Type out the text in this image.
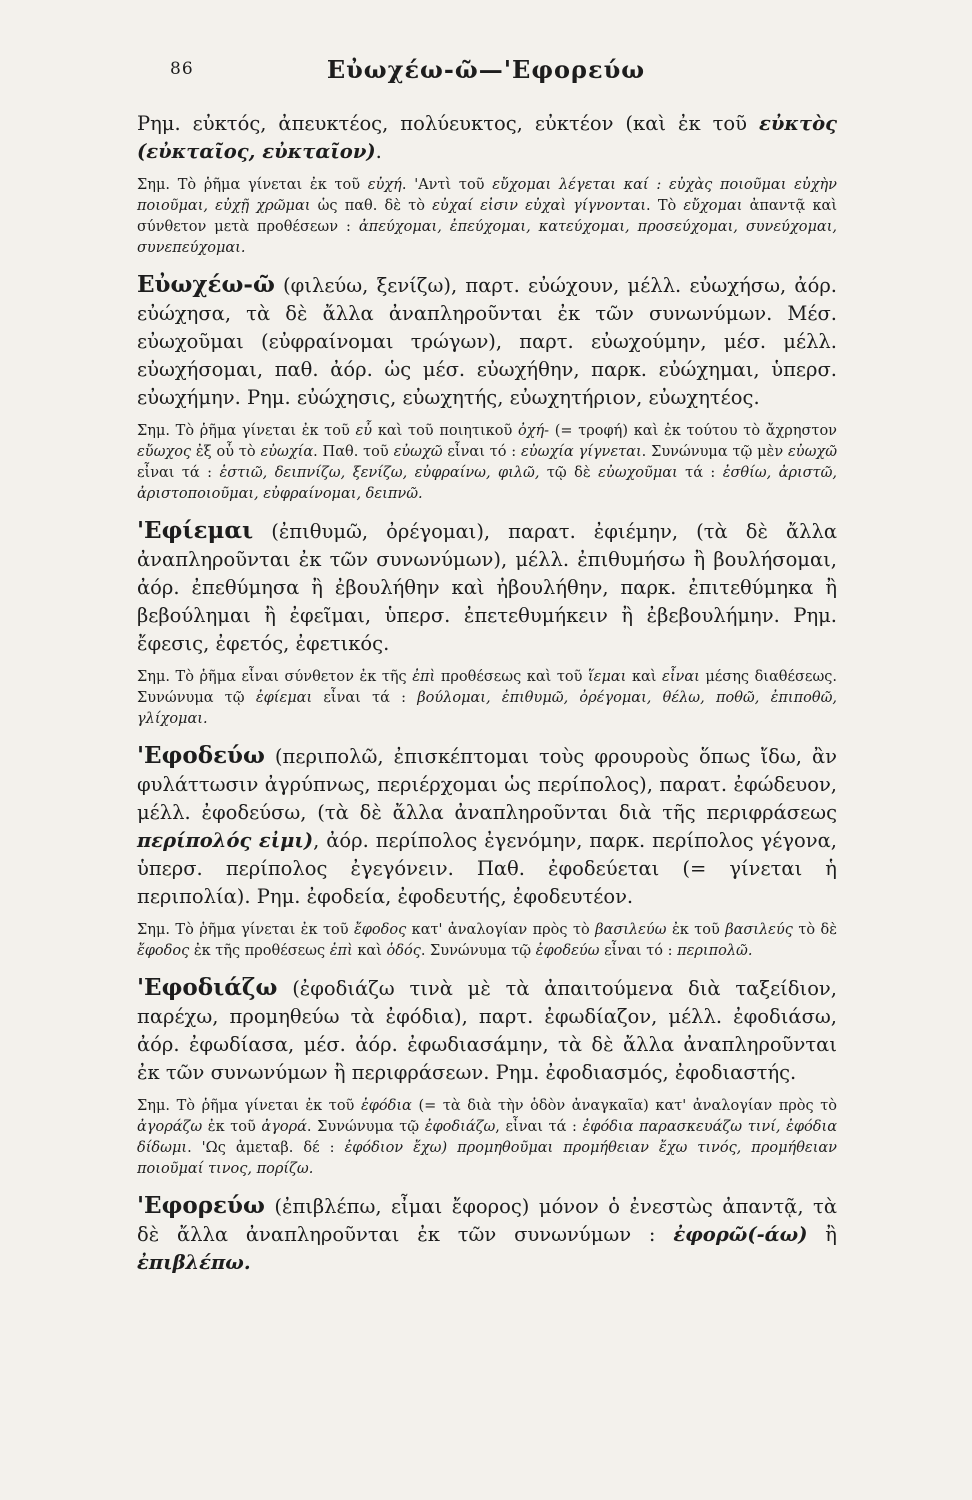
86	Εὐωχέω-ῶ—'Εφορεύω

Ρημ. εὐκτός, ἀπευκτέος, πολύευκτος, εὐκτέον (καὶ ἐκ τοῦ εὐκτὸς (εὐκταῖος, εὐκταῖον).

Σημ. Τὸ ῥῆμα γίνεται ἐκ τοῦ εὐχή. 'Αντὶ τοῦ εὔχομαι λέγεται καί : εὐχὰς ποιοῦμαι εὐχὴν ποιοῦμαι, εὐχῇ χρῶμαι ὡς παθ. δὲ τὸ εὐχαί εἰσιν εὐχαὶ γίγνονται. Τὸ εὔχομαι ἀπαντᾷ καὶ σύνθετον μετὰ προθέσεων : ἀπεύχομαι, ἐπεύχομαι, κατεύχομαι, προσεύχομαι, συνεύχομαι, συνεπεύχομαι.

Εὐωχέω-ῶ (φιλεύω, ξενίζω), παρτ. εὐώχουν, μέλλ. εὐωχήσω, ἀόρ. εὐώχησα, τὰ δὲ ἄλλα ἀναπληροῦνται ἐκ τῶν συνωνύμων. Μέσ. εὐωχοῦμαι (εὐφραίνομαι τρώγων), παρτ. εὐωχούμην, μέσ. μέλλ. εὐωχήσομαι, παθ. ἀόρ. ὡς μέσ. εὐωχήθην, παρκ. εὐώχημαι, ὑπερσ. εὐωχήμην. Ρημ. εὐώχησις, εὐωχητής, εὐωχητήριον, εὐωχητέος.

Σημ. Τὸ ῥῆμα γίνεται ἐκ τοῦ εὖ καὶ τοῦ ποιητικοῦ ὀχή- (= τροφή) καὶ ἐκ τούτου τὸ ἄχρηστον εὔωχος ἐξ οὗ τὸ εὐωχία. Παθ. τοῦ εὐωχῶ εἶναι τό : εὐωχία γίγνεται. Συνώνυμα τῷ μὲν εὐωχῶ εἶναι τά : ἑστιῶ, δειπνίζω, ξενίζω, εὐφραίνω, φιλῶ, τῷ δὲ εὐωχοῦμαι τά : ἐσθίω, ἀριστῶ, ἀριστοποιοῦμαι, εὐφραίνομαι, δειπνῶ.

'Εφίεμαι (ἐπιθυμῶ, ὀρέγομαι), παρατ. ἐφιέμην, (τὰ δὲ ἄλλα ἀναπληροῦνται ἐκ τῶν συνωνύμων), μέλλ. ἐπιθυμήσω ἢ βουλήσομαι, ἀόρ. ἐπεθύμησα ἢ ἐβουλήθην καὶ ἠβουλήθην, παρκ. ἐπιτεθύμηκα ἢ βεβούλημαι ἢ ἐφεῖμαι, ὑπερσ. ἐπετεθυμήκειν ἢ ἐβεβουλήμην. Ρημ. ἔφεσις, ἐφετός, ἐφετικός.

Σημ. Τὸ ῥῆμα εἶναι σύνθετον ἐκ τῆς ἐπὶ προθέσεως καὶ τοῦ ἵεμαι καὶ εἶναι μέσης διαθέσεως. Συνώνυμα τῷ ἐφίεμαι εἶναι τά : βούλομαι, ἐπιθυμῶ, ὀρέγομαι, θέλω, ποθῶ, ἐπιποθῶ, γλίχομαι.

'Εφοδεύω (περιπολῶ, ἐπισκέπτομαι τοὺς φρουροὺς ὅπως ἴδω, ἂν φυλάττωσιν ἀγρύπνως, περιέρχομαι ὡς περίπολος), παρατ. ἐφώδευον, μέλλ. ἐφοδεύσω, (τὰ δὲ ἄλλα ἀναπληροῦνται διὰ τῆς περιφράσεως περίπολός εἰμι), ἀόρ. περίπολος ἐγενόμην, παρκ. περίπολος γέγονα, ὑπερσ. περίπολος ἐγεγόνειν. Παθ. ἐφοδεύεται (= γίνεται ἡ περιπολία). Ρημ. ἐφοδεία, ἐφοδευτής, ἐφοδευτέον.

Σημ. Τὸ ῥῆμα γίνεται ἐκ τοῦ ἔφοδος κατ' ἀναλογίαν πρὸς τὸ βασιλεύω ἐκ τοῦ βασιλεύς τὸ δὲ ἔφοδος ἐκ τῆς προθέσεως ἐπὶ καὶ ὁδός. Συνώνυμα τῷ ἐφοδεύω εἶναι τό : περιπολῶ.

'Εφοδιάζω (ἐφοδιάζω τινὰ μὲ τὰ ἀπαιτούμενα διὰ ταξείδιον, παρέχω, προμηθεύω τὰ ἐφόδια), παρτ. ἐφωδίαζον, μέλλ. ἐφοδιάσω, ἀόρ. ἐφωδίασα, μέσ. ἀόρ. ἐφωδιασάμην, τὰ δὲ ἄλλα ἀναπληροῦνται ἐκ τῶν συνωνύμων ἢ περιφράσεων. Ρημ. ἐφοδιασμός, ἐφοδιαστής.

Σημ. Τὸ ῥῆμα γίνεται ἐκ τοῦ ἐφόδια (= τὰ διὰ τὴν ὁδὸν ἀναγκαῖα) κατ' ἀναλογίαν πρὸς τὸ ἀγοράζω ἐκ τοῦ ἀγορά. Συνώνυμα τῷ ἐφοδιάζω, εἶναι τά : ἐφόδια παρασκευάζω τινί, ἐφόδια δίδωμι. 'Ως ἀμεταβ. δέ : ἐφόδιον ἔχω) προμηθοῦμαι προμήθειαν ἔχω τινός, προμήθειαν ποιοῦμαί τινος, πορίζω.

'Εφορεύω (ἐπιβλέπω, εἶμαι ἔφορος) μόνον ὁ ἐνεστὼς ἀπαντᾷ, τὰ δὲ ἄλλα ἀναπληροῦνται ἐκ τῶν συνωνύμων : ἐφορῶ(-άω) ἢ ἐπιβλέπω.
